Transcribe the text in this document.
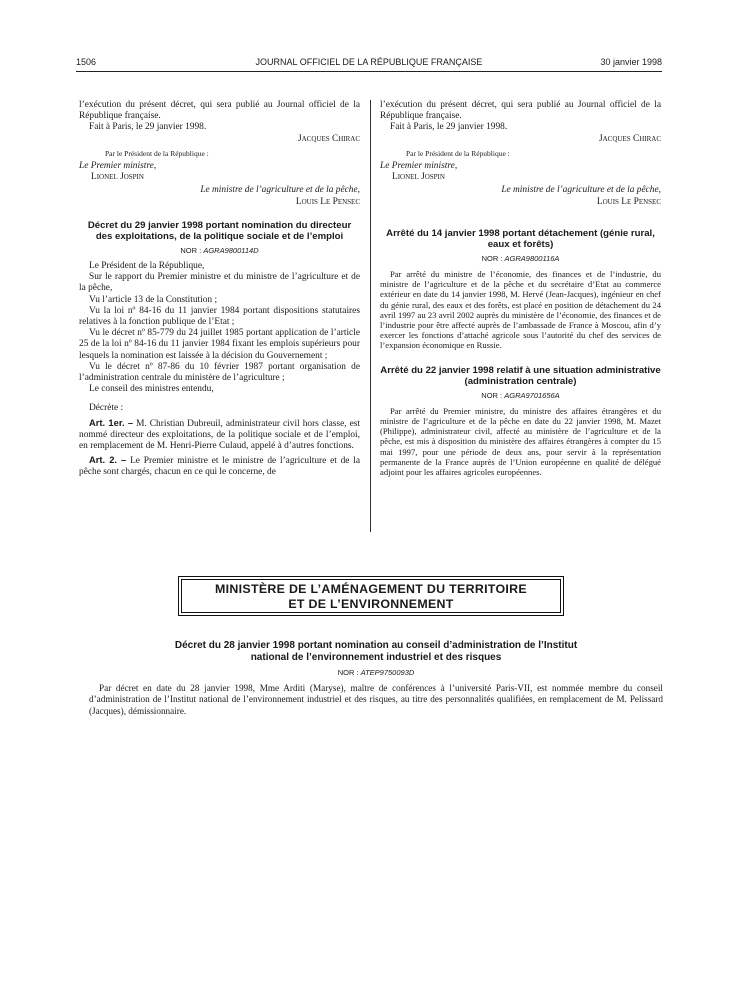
1506	JOURNAL OFFICIEL DE LA RÉPUBLIQUE FRANÇAISE	30 janvier 1998

l’exécution du présent décret, qui sera publié au Journal officiel de la République française.

Fait à Paris, le 29 janvier 1998.

Jacques Chirac

Par le Président de la République :

Le Premier ministre,

Lionel Jospin

Le ministre de l’agriculture et de la pêche,

Louis Le Pensec

Décret du 29 janvier 1998 portant nomination du directeur des exploitations, de la politique sociale et de l’emploi

NOR : AGRA9800114D

Le Président de la République,

Sur le rapport du Premier ministre et du ministre de l’agriculture et de la pêche,

Vu l’article 13 de la Constitution ;

Vu la loi nº 84-16 du 11 janvier 1984 portant dispositions statutaires relatives à la fonction publique de l’Etat ;

Vu le décret nº 85-779 du 24 juillet 1985 portant application de l’article 25 de la loi nº 84-16 du 11 janvier 1984 fixant les emplois supérieurs pour lesquels la nomination est laissée à la décision du Gouvernement ;

Vu le décret nº 87-86 du 10 février 1987 portant organisation de l’administration centrale du ministère de l’agriculture ;

Le conseil des ministres entendu,

Décrète :

Art. 1er. – M. Christian Dubreuil, administrateur civil hors classe, est nommé directeur des exploitations, de la politique sociale et de l’emploi, en remplacement de M. Henri-Pierre Culaud, appelé à d’autres fonctions.

Art. 2. – Le Premier ministre et le ministre de l’agriculture et de la pêche sont chargés, chacun en ce qui le concerne, de

l’exécution du présent décret, qui sera publié au Journal officiel de la République française.

Fait à Paris, le 29 janvier 1998.

Jacques Chirac

Par le Président de la République :

Le Premier ministre,

Lionel Jospin

Le ministre de l’agriculture et de la pêche,

Louis Le Pensec

Arrêté du 14 janvier 1998 portant détachement (génie rural, eaux et forêts)

NOR : AGRA9800116A

Par arrêté du ministre de l’économie, des finances et de l’industrie, du ministre de l’agriculture et de la pêche et du secrétaire d’Etat au commerce extérieur en date du 14 janvier 1998, M. Hervé (Jean-Jacques), ingénieur en chef du génie rural, des eaux et des forêts, est placé en position de détachement du 24 avril 1997 au 23 avril 2002 auprès du ministère de l’économie, des finances et de l’industrie pour être affecté auprès de l’ambassade de France à Moscou, afin d’y exercer les fonctions d’attaché agricole sous l’autorité du chef des services de l’expansion économique en Russie.

Arrêté du 22 janvier 1998 relatif à une situation administrative (administration centrale)

NOR : AGRA9701656A

Par arrêté du Premier ministre, du ministre des affaires étrangères et du ministre de l’agriculture et de la pêche en date du 22 janvier 1998, M. Mazet (Philippe), administrateur civil, affecté au ministère de l’agriculture et de la pêche, est mis à disposition du ministère des affaires étrangères à compter du 15 mai 1997, pour une période de deux ans, pour servir à la représentation permanente de la France auprès de l’Union européenne en qualité de délégué adjoint pour les affaires agricoles européennes.

MINISTÈRE DE L’AMÉNAGEMENT DU TERRITOIRE
ET DE L’ENVIRONNEMENT

Décret du 28 janvier 1998 portant nomination au conseil d’administration de l’Institut national de l’environnement industriel et des risques

NOR : ATEP9750093D

Par décret en date du 28 janvier 1998, Mme Arditi (Maryse), maître de conférences à l’université Paris-VII, est nommée membre du conseil d’administration de l’Institut national de l’environnement industriel et des risques, au titre des personnalités qualifiées, en remplacement de M. Pelissard (Jacques), démissionnaire.
